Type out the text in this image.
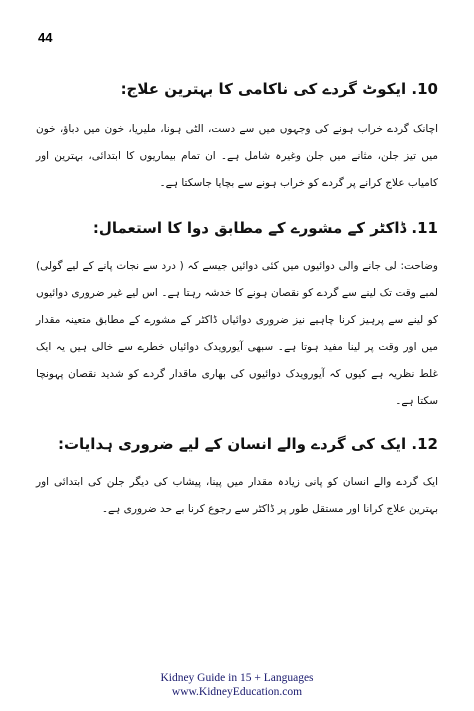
44
10. ایکوٹ گردے کی ناکامی کا بہترین علاج:

اچانک گردے خراب ہونے کی وجہوں میں سے دست، الٹی ہونا، ملیریا، خون میں دباؤ، خون میں تیز جلن، مثانے میں جلن وغیرہ شامل ہے۔ ان تمام بیماریوں کا ابتدائی، بہترین اور کامیاب علاج کرانے پر گردے کو خراب ہونے سے بچایا جاسکتا ہے۔

11. ڈاکٹر کے مشورے کے مطابق دوا کا استعمال:

وضاحت: لی جانے والی دوائیوں میں کئی دوائیں جیسے کہ ( درد سے نجات پانے کے لیے گولی) لمبے وقت تک لینے سے گردے کو نقصان ہونے کا خدشہ رہتا ہے۔ اس لیے غیر ضروری دوائیوں کو لینے سے پرہیز کرنا چاہیے نیز ضروری دوائیاں ڈاکٹر کے مشورے کے مطابق متعینہ مقدار میں اور وقت پر لینا مفید ہوتا ہے۔ سبھی آیورویدک دوائیاں خطرے سے خالی ہیں یہ ایک غلط نظریہ ہے کیوں کہ آیورویدک دوائیوں کی بھاری ماقدار گردے کو شدید نقصان پہونچا سکتا ہے۔

12. ایک کی گردے والے انسان کے لیے ضروری ہدایات:

ایک گردے والے انسان کو پانی زیادہ مقدار میں پینا، پیشاب کی دیگر جلن کی ابتدائی اور بہترین علاج کرانا اور مستقل طور پر ڈاکٹر سے رجوع کرنا بے حد ضروری ہے۔

Kidney Guide in 15 + Languages
www.KidneyEducation.com
